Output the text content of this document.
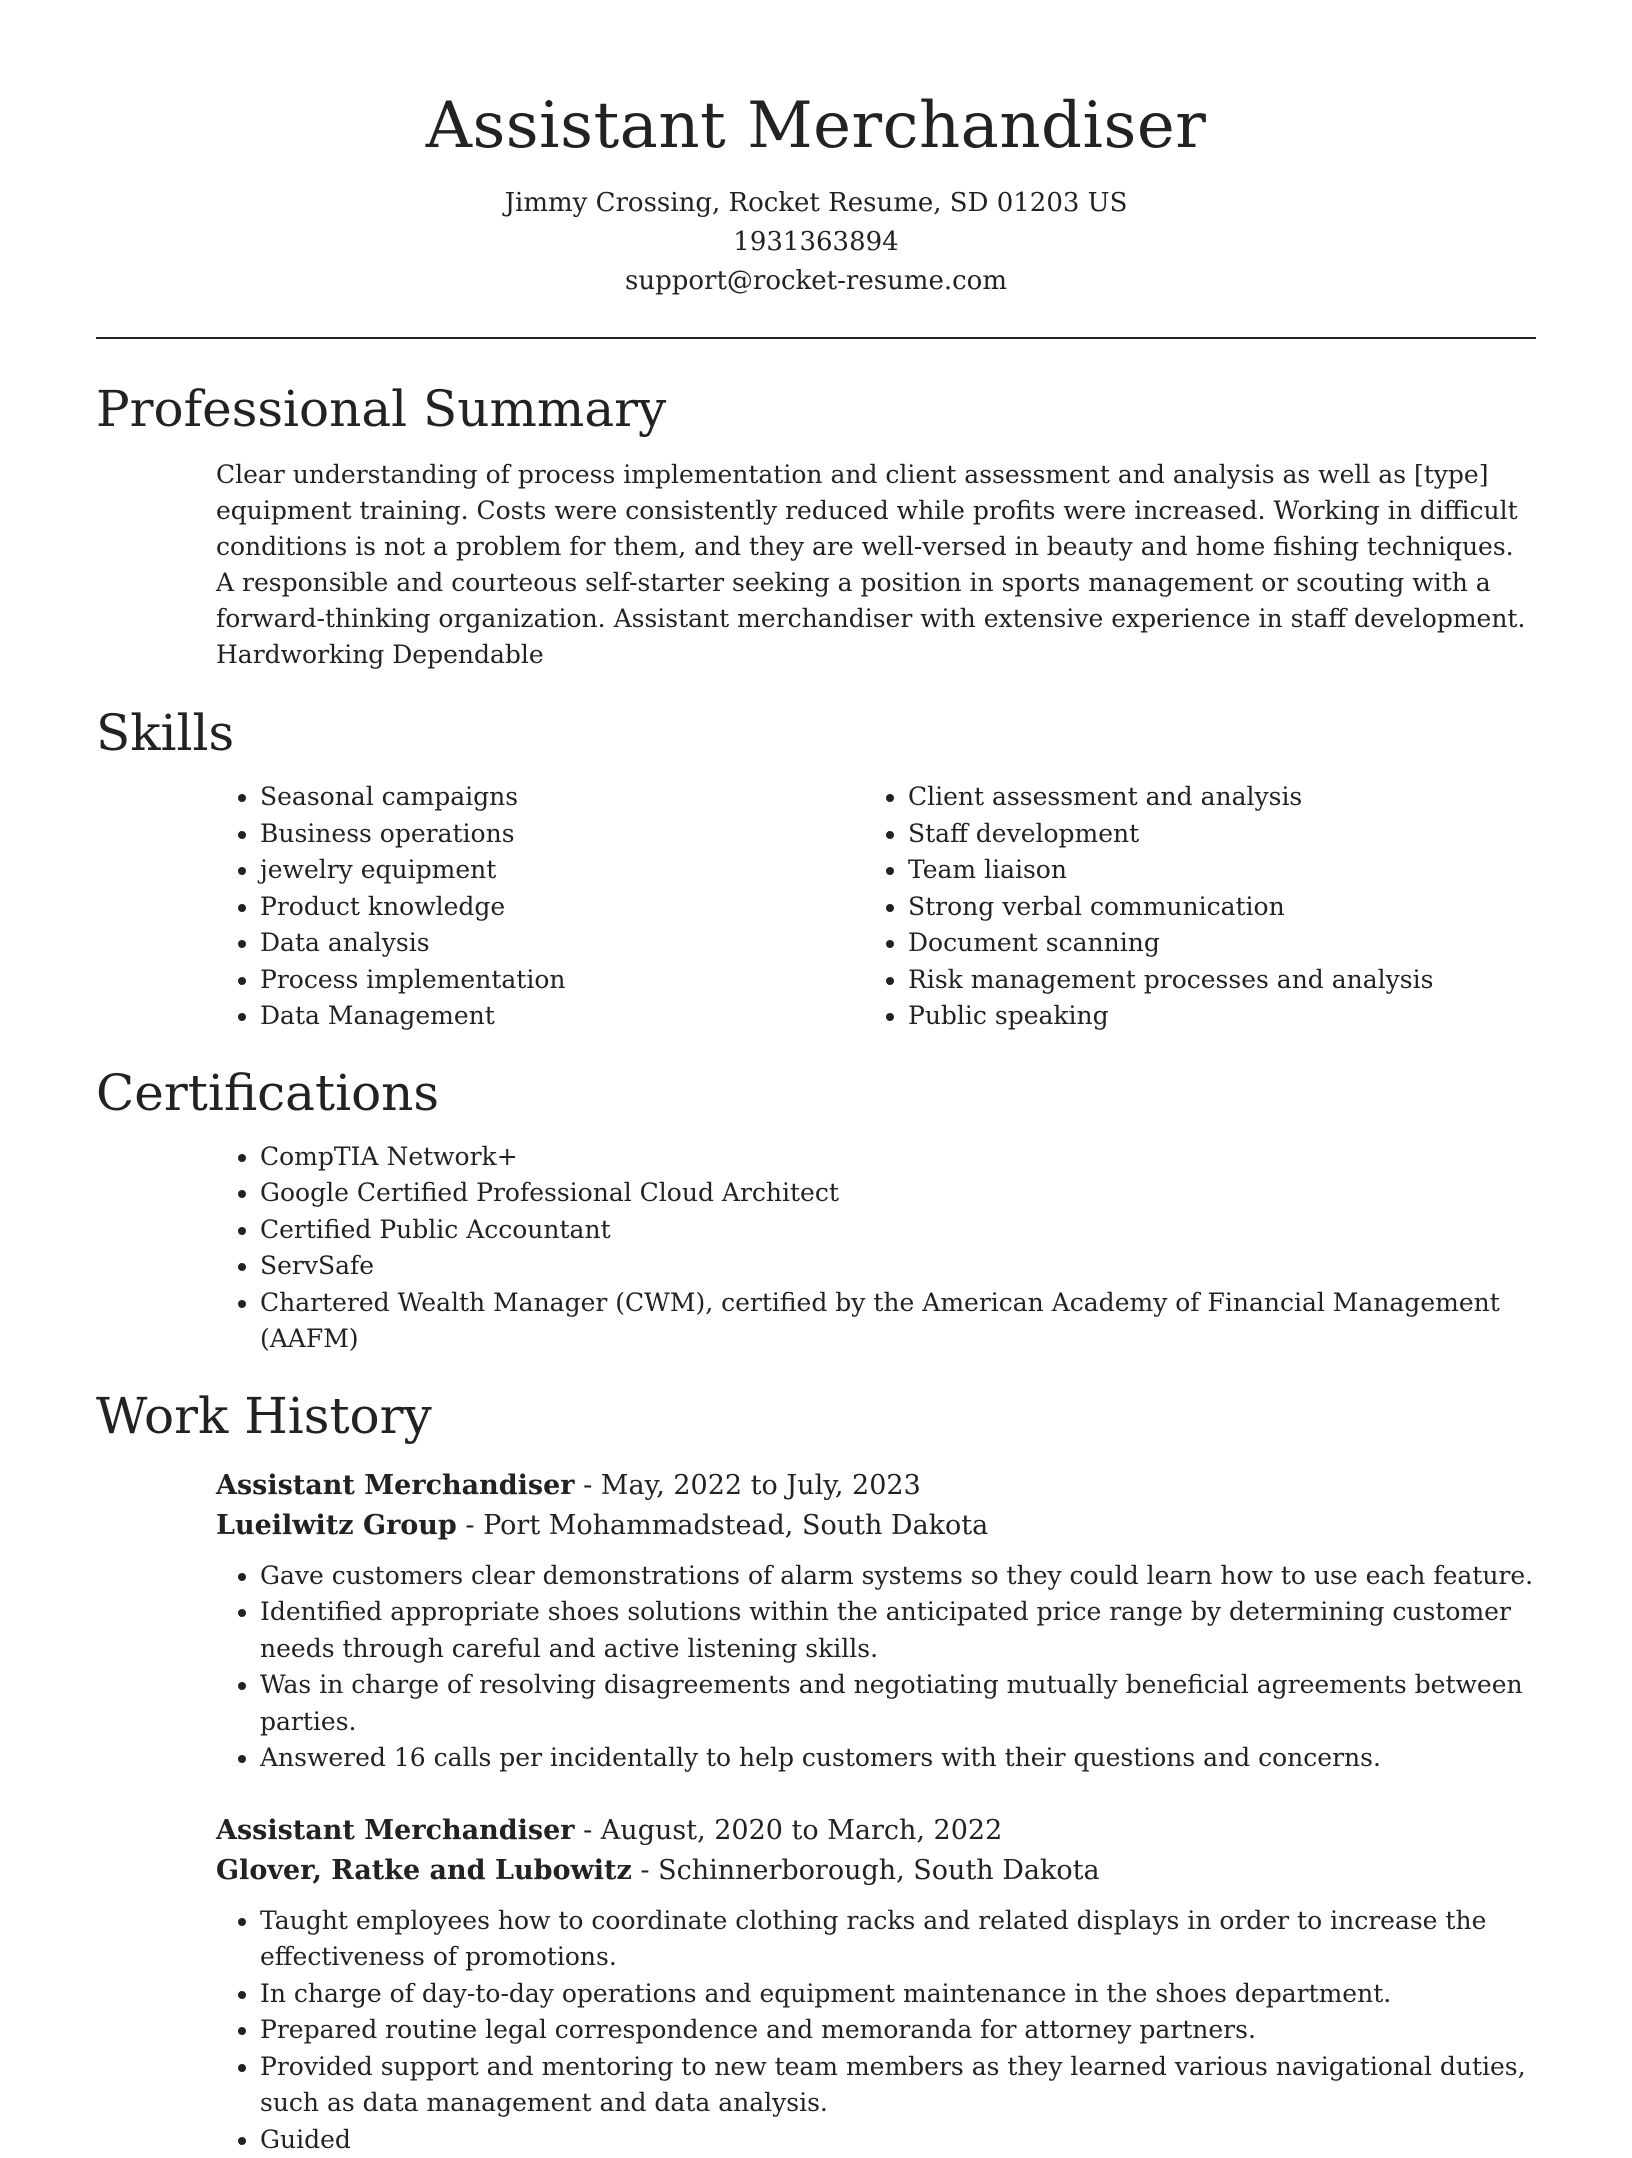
Assistant Merchandiser
Jimmy Crossing, Rocket Resume, SD 01203 US
1931363894
support@rocket-resume.com
Professional Summary

Clear understanding of process implementation and client assessment and analysis as well as [type] equipment training. Costs were consistently reduced while profits were increased. Working in difficult conditions is not a problem for them, and they are well-versed in beauty and home fishing techniques. A responsible and courteous self-starter seeking a position in sports management or scouting with a forward-thinking organization. Assistant merchandiser with extensive experience in staff development. Hardworking Dependable

Skills
• Seasonal campaigns
• Business operations
• jewelry equipment
• Product knowledge
• Data analysis
• Process implementation
• Data Management
• Client assessment and analysis
• Staff development
• Team liaison
• Strong verbal communication
• Document scanning
• Risk management processes and analysis
• Public speaking
Certifications
• CompTIA Network+
• Google Certified Professional Cloud Architect
• Certified Public Accountant
• ServSafe
• Chartered Wealth Manager (CWM), certified by the American Academy of Financial Management (AAFM)
Work History
Assistant Merchandiser - May, 2022 to July, 2023
Lueilwitz Group - Port Mohammadstead, South Dakota
• Gave customers clear demonstrations of alarm systems so they could learn how to use each feature.
• Identified appropriate shoes solutions within the anticipated price range by determining customer needs through careful and active listening skills.
• Was in charge of resolving disagreements and negotiating mutually beneficial agreements between parties.
• Answered 16 calls per incidentally to help customers with their questions and concerns.
Assistant Merchandiser - August, 2020 to March, 2022
Glover, Ratke and Lubowitz - Schinnerborough, South Dakota
• Taught employees how to coordinate clothing racks and related displays in order to increase the effectiveness of promotions.
• In charge of day-to-day operations and equipment maintenance in the shoes department.
• Prepared routine legal correspondence and memoranda for attorney partners.
• Provided support and mentoring to new team members as they learned various navigational duties, such as data management and data analysis.
• Guided
